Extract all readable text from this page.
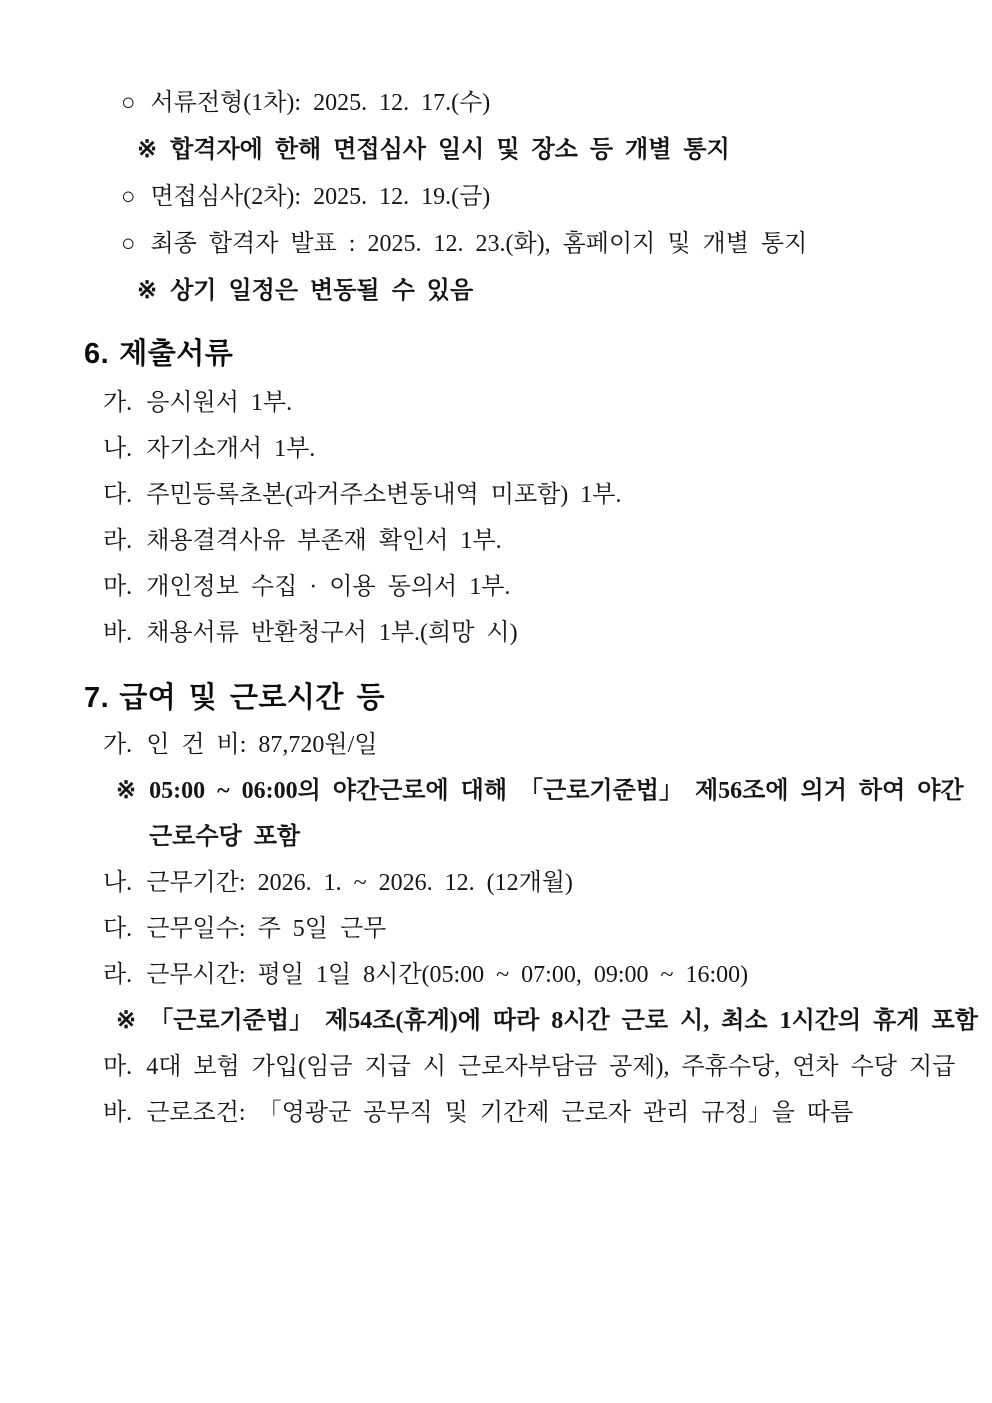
○ 서류전형(1차): 2025. 12. 17.(수)
※ 합격자에 한해 면접심사 일시 및 장소 등 개별 통지
○ 면접심사(2차): 2025. 12. 19.(금)
○ 최종 합격자 발표 : 2025. 12. 23.(화), 홈페이지 및 개별 통지
※ 상기 일정은 변동될 수 있음
6. 제출서류
가. 응시원서 1부.
나. 자기소개서 1부.
다. 주민등록초본(과거주소변동내역 미포함) 1부.
라. 채용결격사유 부존재 확인서 1부.
마. 개인정보 수집 · 이용 동의서 1부.
바. 채용서류 반환청구서 1부.(희망 시)
7. 급여 및 근로시간 등
가. 인 건 비: 87,720원/일
※ 05:00 ~ 06:00의 야간근로에 대해 「근로기준법」 제56조에 의거 하여 야간
근로수당 포함
나. 근무기간: 2026. 1. ~ 2026. 12. (12개월)
다. 근무일수: 주 5일 근무
라. 근무시간: 평일 1일 8시간(05:00 ~ 07:00, 09:00 ~ 16:00)
※ 「근로기준법」 제54조(휴게)에 따라 8시간 근로 시, 최소 1시간의 휴게 포함
마. 4대 보험 가입(임금 지급 시 근로자부담금 공제), 주휴수당, 연차 수당 지급
바. 근로조건: 「영광군 공무직 및 기간제 근로자 관리 규정」을 따름
